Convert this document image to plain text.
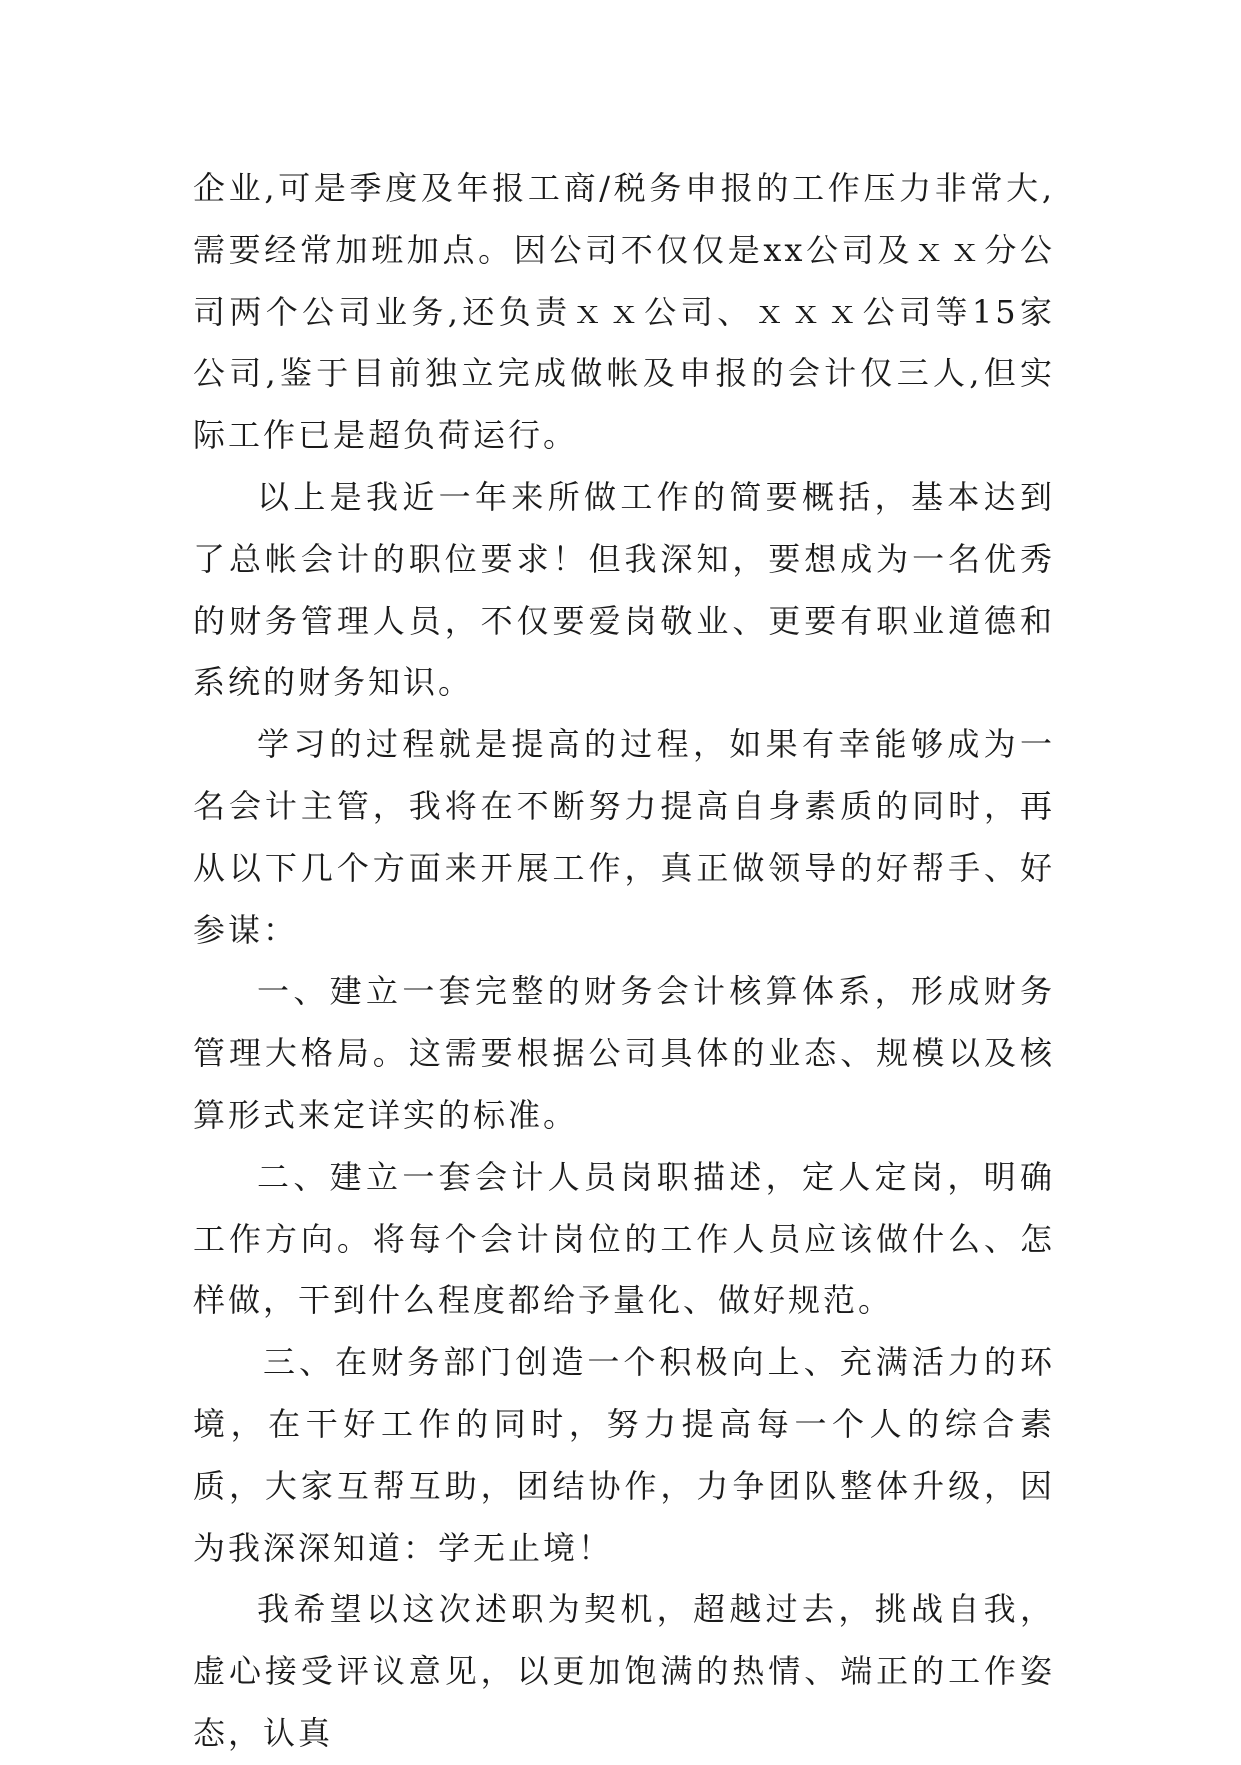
企业,可是季度及年报工商/税务申报的工作压力非常大,需要经常加班加点。因公司不仅仅是xx公司及ｘｘ分公司两个公司业务,还负责ｘｘ公司、ｘｘｘ公司等15家公司,鉴于目前独立完成做帐及申报的会计仅三人,但实际工作已是超负荷运行。

以上是我近一年来所做工作的简要概括，基本达到了总帐会计的职位要求！但我深知，要想成为一名优秀的财务管理人员，不仅要爱岗敬业、更要有职业道德和系统的财务知识。

学习的过程就是提高的过程，如果有幸能够成为一名会计主管，我将在不断努力提高自身素质的同时，再从以下几个方面来开展工作，真正做领导的好帮手、好参谋：

一、建立一套完整的财务会计核算体系，形成财务管理大格局。这需要根据公司具体的业态、规模以及核算形式来定详实的标准。

二、建立一套会计人员岗职描述，定人定岗，明确工作方向。将每个会计岗位的工作人员应该做什么、怎样做，干到什么程度都给予量化、做好规范。

三、在财务部门创造一个积极向上、充满活力的环境，在干好工作的同时，努力提高每一个人的综合素质，大家互帮互助，团结协作，力争团队整体升级，因为我深深知道：学无止境！

我希望以这次述职为契机，超越过去，挑战自我，虚心接受评议意见，以更加饱满的热情、端正的工作姿态，认真
